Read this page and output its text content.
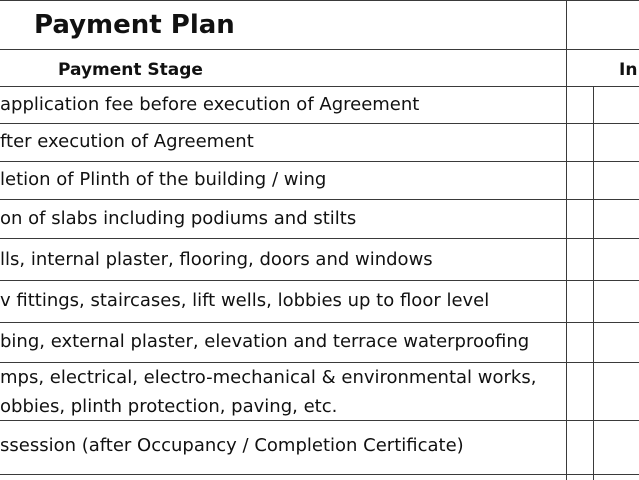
Payment Plan
Payment Stage	In
application fee before execution of Agreement
fter execution of Agreement
letion of Plinth of the building / wing
on of slabs including podiums and stilts
lls, internal plaster, flooring, doors and windows
v fittings, staircases, lift wells, lobbies up to floor level
bing, external plaster, elevation and terrace waterproofing
mps, electrical, electro-mechanical & environmental works,
obbies, plinth protection, paving, etc.
ssession (after Occupancy / Completion Certificate)
